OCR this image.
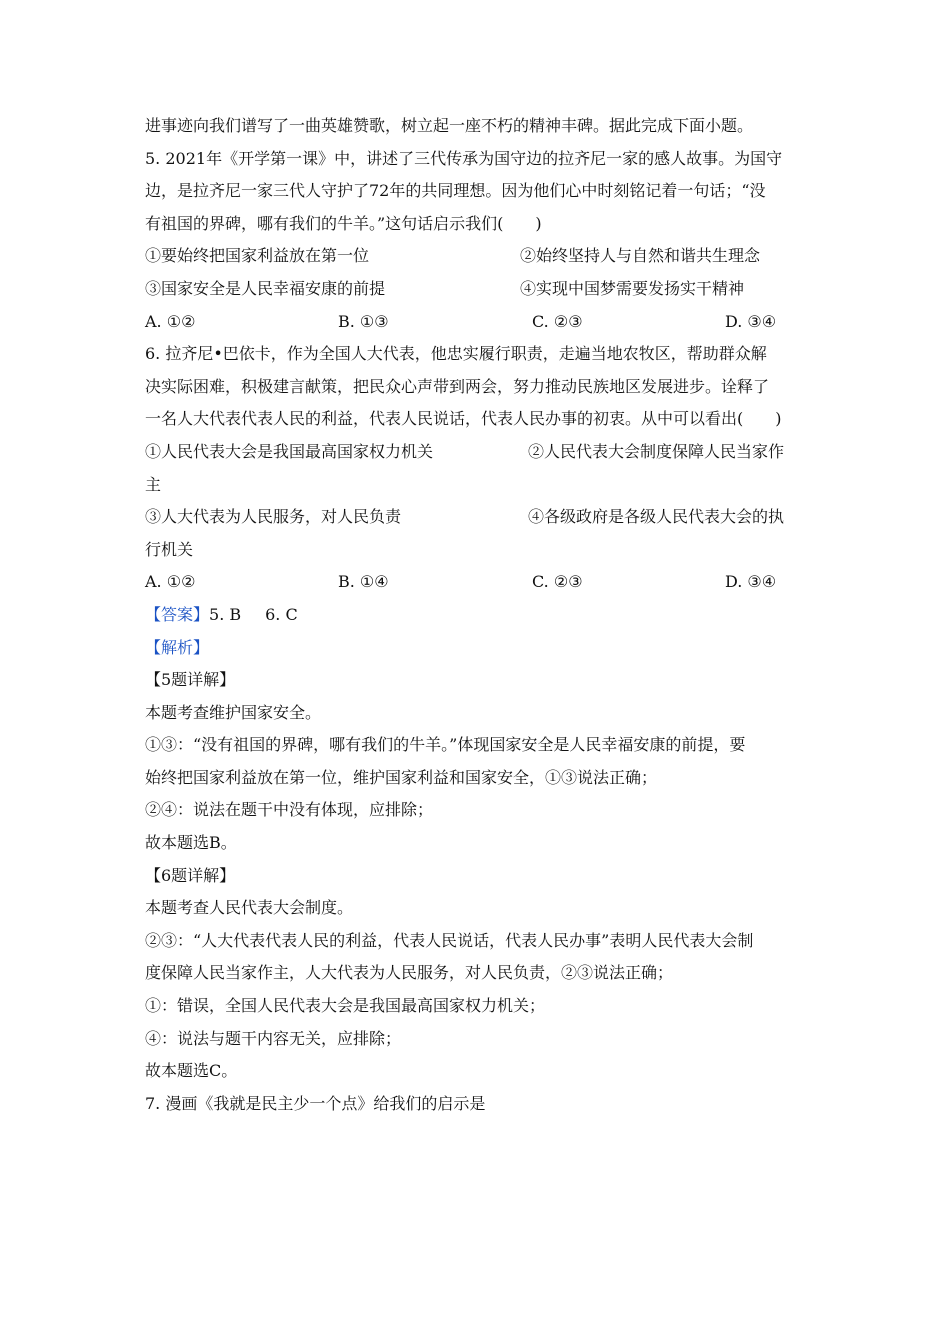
进事迹向我们谱写了一曲英雄赞歌，树立起一座不朽的精神丰碑。据此完成下面小题。
5. 2021年《开学第一课》中，讲述了三代传承为国守边的拉齐尼一家的感人故事。为国守
边，是拉齐尼一家三代人守护了72年的共同理想。因为他们心中时刻铭记着一句话；“没
有祖国的界碑，哪有我们的牛羊。”这句话启示我们(　　)
①要始终把国家利益放在第一位	②始终坚持人与自然和谐共生理念
③国家安全是人民幸福安康的前提	④实现中国梦需要发扬实干精神
A. ①②	B. ①③	C. ②③	D. ③④
6. 拉齐尼•巴依卡，作为全国人大代表，他忠实履行职责，走遍当地农牧区，帮助群众解
决实际困难，积极建言献策，把民众心声带到两会，努力推动民族地区发展进步。诠释了
一名人大代表代表人民的利益，代表人民说话，代表人民办事的初衷。从中可以看出(　　)
①人民代表大会是我国最高国家权力机关	②人民代表大会制度保障人民当家作
主
③人大代表为人民服务，对人民负责	④各级政府是各级人民代表大会的执
行机关
A. ①②	B. ①④	C. ②③	D. ③④
【答案】5. B 6. C
【解析】
【5题详解】
本题考查维护国家安全。
①③：“没有祖国的界碑，哪有我们的牛羊。”体现国家安全是人民幸福安康的前提，要
始终把国家利益放在第一位，维护国家利益和国家安全，①③说法正确；
②④：说法在题干中没有体现，应排除；
故本题选B。
【6题详解】
本题考查人民代表大会制度。
②③：“人大代表代表人民的利益，代表人民说话，代表人民办事”表明人民代表大会制
度保障人民当家作主，人大代表为人民服务，对人民负责，②③说法正确；
①：错误，全国人民代表大会是我国最高国家权力机关；
④：说法与题干内容无关，应排除；
故本题选C。
7. 漫画《我就是民主少一个点》给我们的启示是
